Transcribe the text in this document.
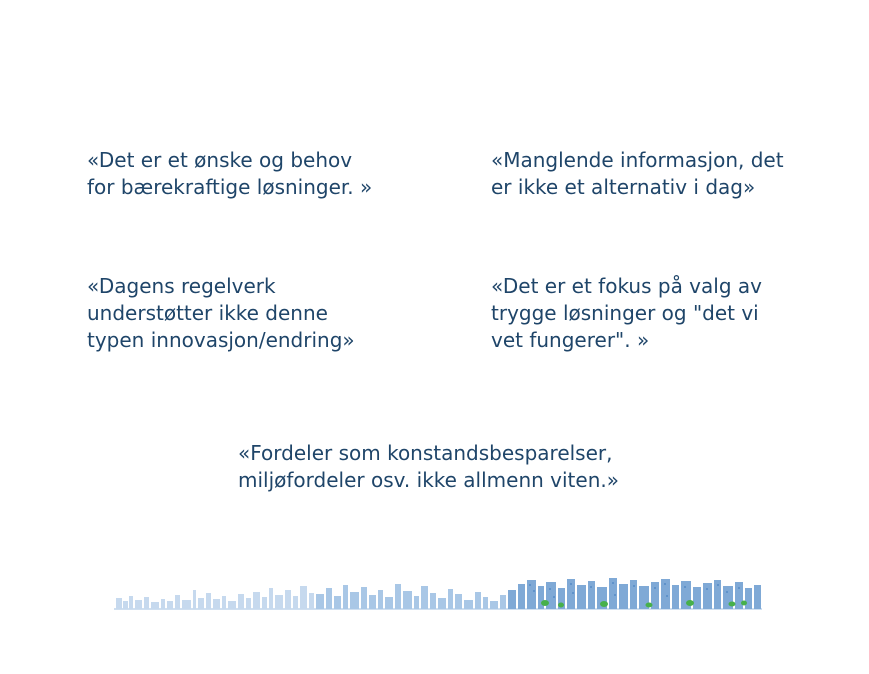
«Det er et ønske og behov
for bærekraftige løsninger. »

«Manglende informasjon, det
er ikke et alternativ i dag»

«Dagens regelverk
understøtter ikke denne
typen innovasjon/endring»

«Det er et fokus på valg av
trygge løsninger og "det vi
vet fungerer". »

«Fordeler som konstandsbesparelser,
miljøfordeler osv. ikke allmenn viten.»
